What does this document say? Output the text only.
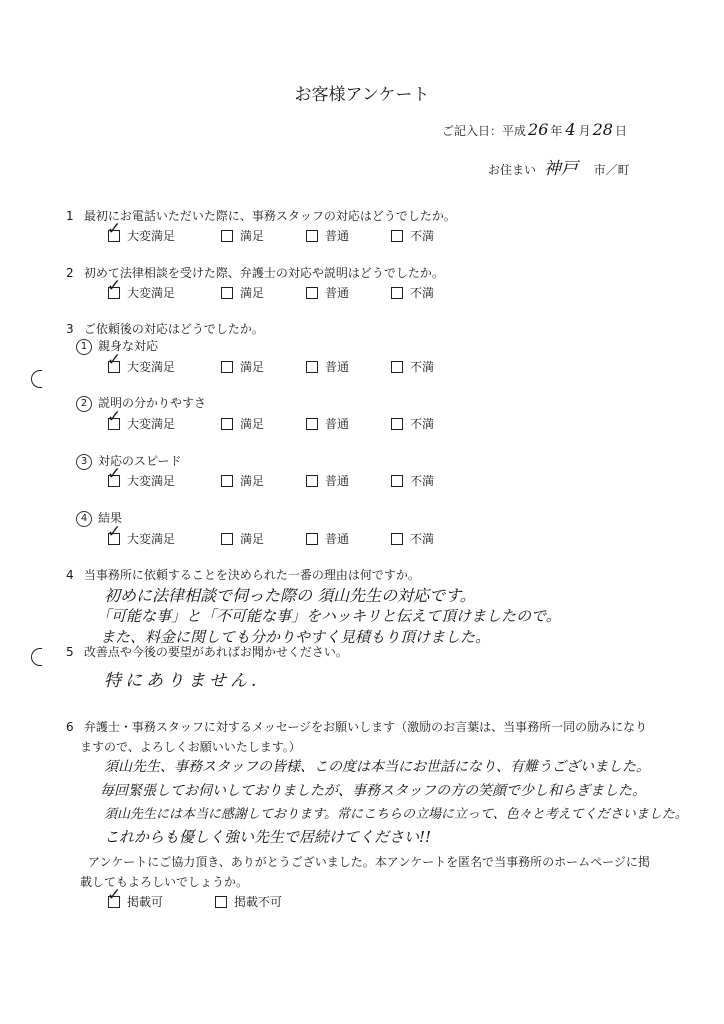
お客様アンケート
ご記入日：平成 26 年 4 月 28 日
お住まい 神戸 市／町
1 最初にお電話いただいた際に、事務スタッフの対応はどうでしたか。
✓ 大変満足	満足	普通	不満
2 初めて法律相談を受けた際、弁護士の対応や説明はどうでしたか。
✓ 大変満足	満足	普通	不満
3 ご依頼後の対応はどうでしたか。
1 親身な対応
✓ 大変満足	満足	普通	不満
2 説明の分かりやすさ
✓ 大変満足	満足	普通	不満
3 対応のスピード
✓ 大変満足	満足	普通	不満
4 結果
✓ 大変満足	満足	普通	不満
4 当事務所に依頼することを決められた一番の理由は何ですか。
初めに法律相談で伺った際の 須山先生の対応です。
「可能な事」と「不可能な事」をハッキリと伝えて頂けましたので。
また、料金に関しても分かりやすく見積もり頂けました。
5 改善点や今後の要望があればお聞かせください。
特にありません.
6 弁護士・事務スタッフに対するメッセージをお願いします（激励のお言葉は、当事務所一同の励みになり
ますので、よろしくお願いいたします。）
須山先生、事務スタッフの皆様、この度は本当にお世話になり、有難うございました。
毎回緊張してお伺いしておりましたが、事務スタッフの方の笑顔で少し和らぎました。
須山先生には本当に感謝しております。常にこちらの立場に立って、色々と考えてくださいました。
これからも優しく強い先生で居続けてください!!
アンケートにご協力頂き、ありがとうございました。本アンケートを匿名で当事務所のホームページに掲
載してもよろしいでしょうか。
✓ 掲載可	掲載不可
